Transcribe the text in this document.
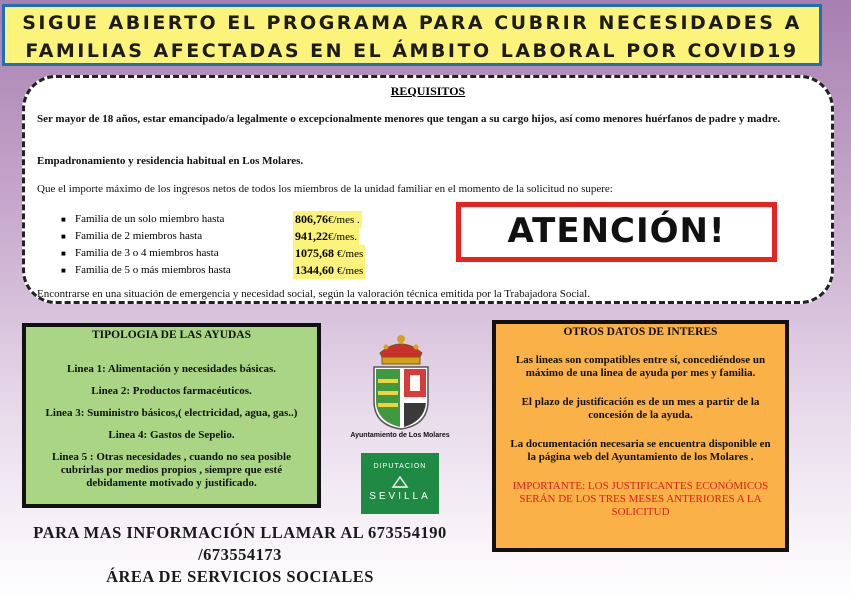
SIGUE ABIERTO EL PROGRAMA PARA CUBRIR NECESIDADES A
FAMILIAS AFECTADAS EN EL ÁMBITO LABORAL POR COVID19
REQUISITOS

Ser mayor de 18 años, estar emancipado/a legalmente o excepcionalmente menores que tengan a su cargo hijos, así como menores huérfanos de padre y madre.

Empadronamiento y residencia habitual en Los Molares.

Que el importe máximo de los ingresos netos de todos los miembros de la unidad familiar en el momento de la solicitud no supere:

■ Familia de un solo miembro hasta	806,76€/mes .
■ Familia de 2 miembros hasta	941,22€/mes.
■ Familia de 3 o 4 miembros hasta	1075,68 €/mes
■ Familia de 5 o más miembros hasta	1344,60 €/mes

Encontrarse en una situación de emergencia y necesidad social, según la valoración técnica emitida por la Trabajadora Social.

ATENCIÓN!
TIPOLOGIA DE LAS AYUDAS
Linea 1: Alimentación y necesidades básicas.
Linea 2: Productos farmacéuticos.
Linea 3: Suministro básicos,( electricidad, agua, gas..)
Linea 4: Gastos de Sepelio.
Linea 5 : Otras necesidades , cuando no sea posible cubrirlas por medios propios , siempre que esté debidamente motivado y justificado.
Ayuntamiento de Los Molares
DIPUTACION
SEVILLA
OTROS DATOS DE INTERES
Las lineas son compatibles entre sí, concediéndose un máximo de una linea de ayuda por mes y familia.
El plazo de justificación es de un mes a partir de la concesión de la ayuda.
La documentación necesaria se encuentra disponible en la página web del Ayuntamiento de los Molares .
IMPORTANTE: LOS JUSTIFICANTES ECONÓMICOS SERÁN DE LOS TRES MESES ANTERIORES A LA SOLICITUD
PARA MAS INFORMACIÓN LLAMAR AL 673554190
/673554173
ÁREA DE SERVICIOS SOCIALES
